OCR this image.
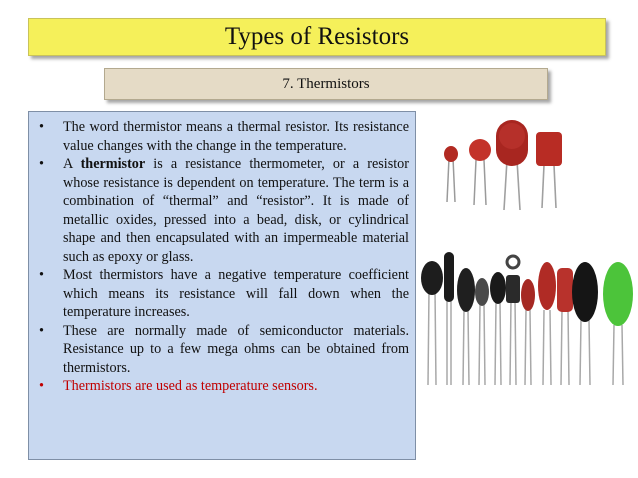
Types of Resistors
7. Thermistors
• The word thermistor means a thermal resistor. Its resistance value changes with the change in the temperature.
• A thermistor is a resistance thermometer, or a resistor whose resistance is dependent on temperature. The term is a combination of “thermal” and “resistor”. It is made of metallic oxides, pressed into a bead, disk, or cylindrical shape and then encapsulated with an impermeable material such as epoxy or glass.
• Most thermistors have a negative temperature coefficient which means its resistance will fall down when the temperature increases.
• These are normally made of semiconductor materials. Resistance up to a few mega ohms can be obtained from thermistors.
• Thermistors are used as temperature sensors.
